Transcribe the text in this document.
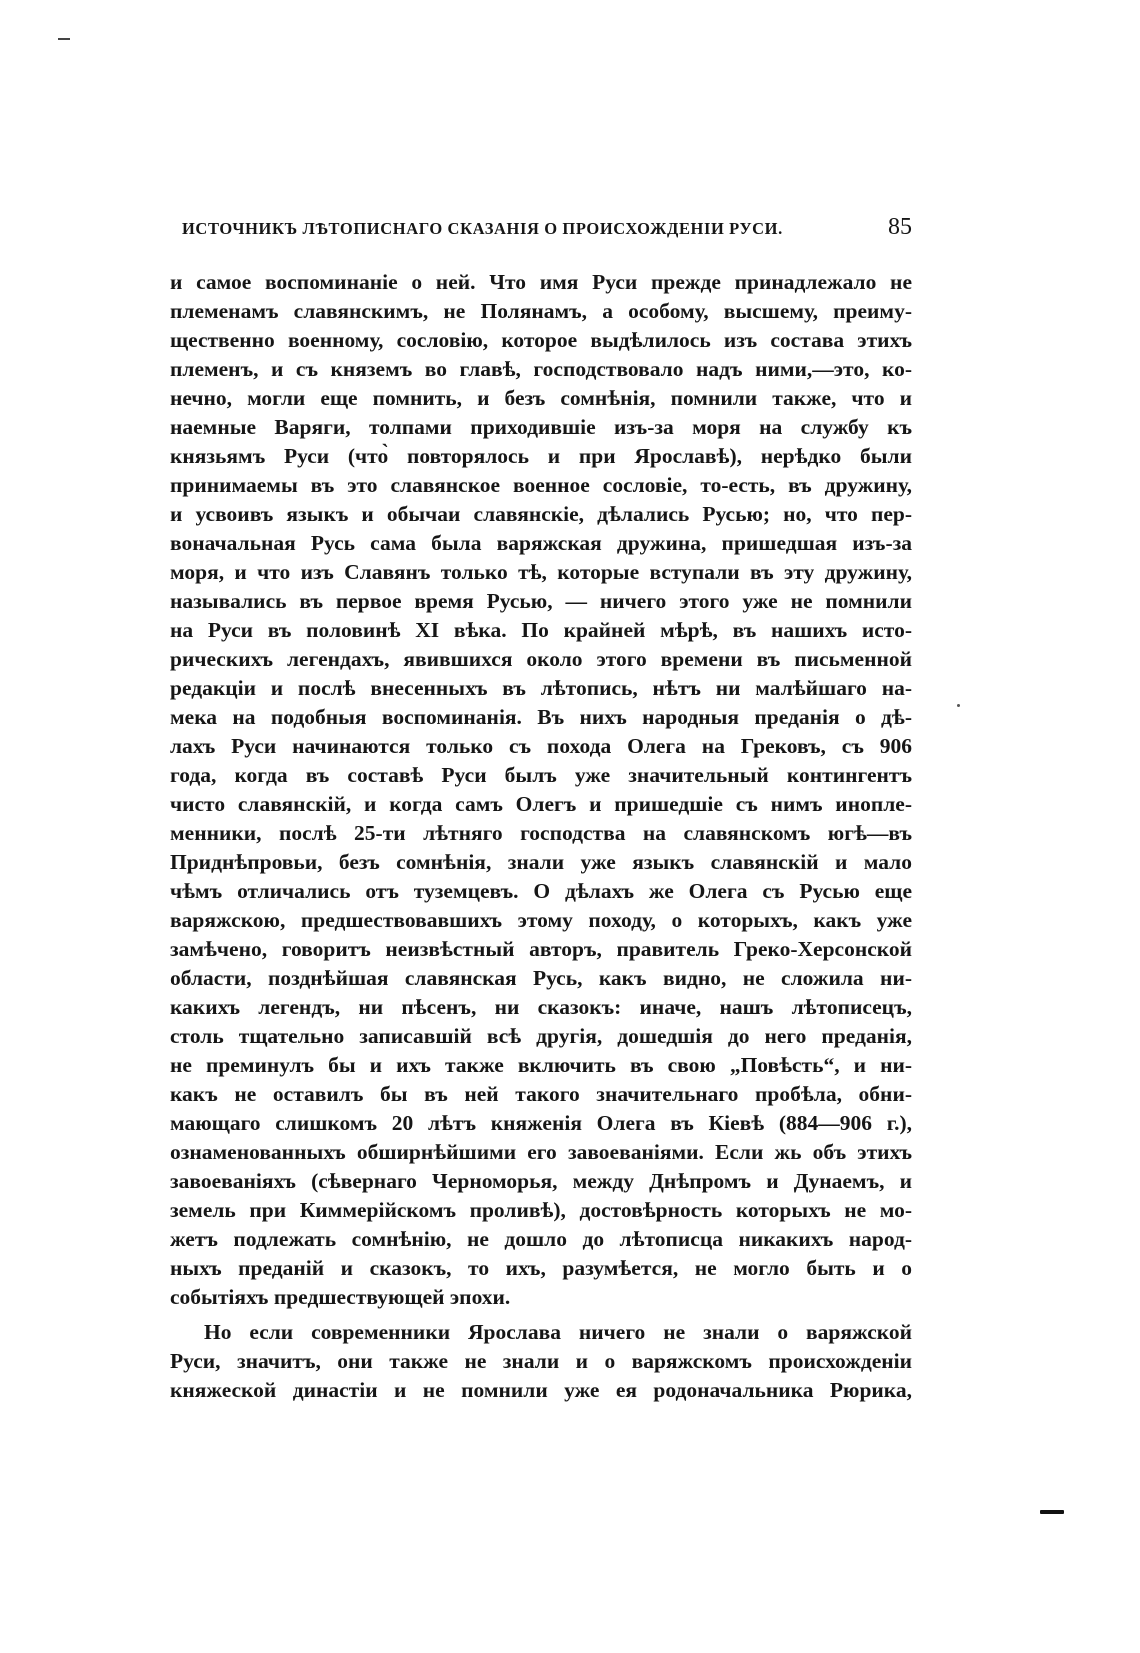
ИСТОЧНИКЪ ЛѢТОПИСНАГО СКАЗАНІЯ О ПРОИСХОЖДЕНІИ РУСИ.	85
и самое воспоминаніе о ней. Что имя Руси прежде принадлежало не
племенамъ славянскимъ, не Полянамъ, а особому, высшему, преиму-
щественно военному, сословію, которое выдѣлилось изъ состава этихъ
племенъ, и съ княземъ во главѣ, господствовало надъ ними,—это, ко-
нечно, могли еще помнить, и безъ сомнѣнія, помнили также, что и
наемные Варяги, толпами приходившіе изъ-за моря на службу къ
князьямъ Руси (что̀ повторялось и при Ярославѣ), нерѣдко были
принимаемы въ это славянское военное сословіе, то-есть, въ дружину,
и усвоивъ языкъ и обычаи славянскіе, дѣлались Русью; но, что пер-
воначальная Русь сама была варяжская дружина, пришедшая изъ-за
моря, и что изъ Славянъ только тѣ, которые вступали въ эту дружину,
назывались въ первое время Русью, — ничего этого уже не помнили
на Руси въ половинѣ XI вѣка. По крайней мѣрѣ, въ нашихъ исто-
рическихъ легендахъ, явившихся около этого времени въ письменной
редакціи и послѣ внесенныхъ въ лѣтопись, нѣтъ ни малѣйшаго на-
мека на подобныя воспоминанія. Въ нихъ народныя преданія о дѣ-
лахъ Руси начинаются только съ похода Олега на Грековъ, съ 906
года, когда въ составѣ Руси былъ уже значительный контингентъ
чисто славянскій, и когда самъ Олегъ и пришедшіе съ нимъ инопле-
менники, послѣ 25-ти лѣтняго господства на славянскомъ югѣ—въ
Приднѣпровьи, безъ сомнѣнія, знали уже языкъ славянскій и мало
чѣмъ отличались отъ туземцевъ. О дѣлахъ же Олега съ Русью еще
варяжскою, предшествовавшихъ этому походу, о которыхъ, какъ уже
замѣчено, говоритъ неизвѣстный авторъ, правитель Греко-Херсонской
области, позднѣйшая славянская Русь, какъ видно, не сложила ни-
какихъ легендъ, ни пѣсенъ, ни сказокъ: иначе, нашъ лѣтописецъ,
столь тщательно записавшій всѣ другія, дошедшія до него преданія,
не преминулъ бы и ихъ также включить въ свою „Повѣсть“, и ни-
какъ не оставилъ бы въ ней такого значительнаго пробѣла, обни-
мающаго слишкомъ 20 лѣтъ княженія Олега въ Кіевѣ (884—906 г.),
ознаменованныхъ обширнѣйшими его завоеваніями. Если жь объ этихъ
завоеваніяхъ (сѣвернаго Черноморья, между Днѣпромъ и Дунаемъ, и
земель при Киммерійскомъ проливѣ), достовѣрность которыхъ не мо-
жетъ подлежать сомнѣнію, не дошло до лѣтописца никакихъ народ-
ныхъ преданій и сказокъ, то ихъ, разумѣется, не могло быть и о
событіяхъ предшествующей эпохи.
Но если современники Ярослава ничего не знали о варяжской
Руси, значитъ, они также не знали и о варяжскомъ происхожденіи
княжеской династіи и не помнили уже ея родоначальника Рюрика,
